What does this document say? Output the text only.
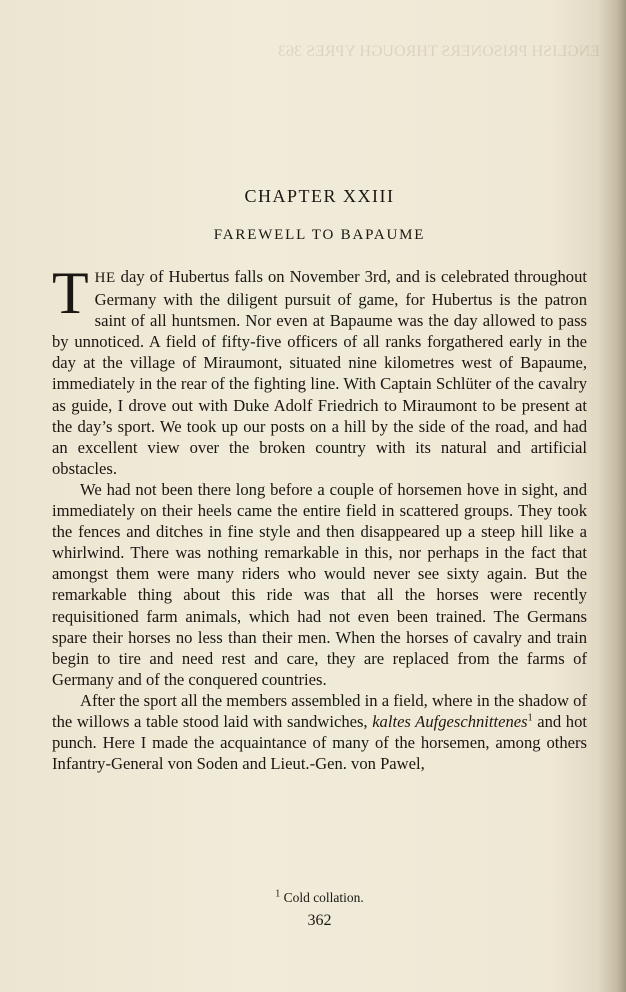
ENGLISH PRISONERS THROUGH YPRES 363

CHAPTER XXIII
FAREWELL TO BAPAUME

THE day of Hubertus falls on November 3rd, and is celebrated throughout Germany with the diligent pursuit of game, for Hubertus is the patron saint of all huntsmen. Nor even at Bapaume was the day allowed to pass by unnoticed. A field of fifty-five officers of all ranks forgathered early in the day at the village of Miraumont, situated nine kilometres west of Bapaume, immediately in the rear of the fighting line. With Captain Schlüter of the cavalry as guide, I drove out with Duke Adolf Friedrich to Miraumont to be present at the day’s sport. We took up our posts on a hill by the side of the road, and had an excellent view over the broken country with its natural and artificial obstacles.

We had not been there long before a couple of horsemen hove in sight, and immediately on their heels came the entire field in scattered groups. They took the fences and ditches in fine style and then disappeared up a steep hill like a whirlwind. There was nothing remarkable in this, nor perhaps in the fact that amongst them were many riders who would never see sixty again. But the remarkable thing about this ride was that all the horses were recently requisitioned farm animals, which had not even been trained. The Germans spare their horses no less than their men. When the horses of cavalry and train begin to tire and need rest and care, they are replaced from the farms of Germany and of the conquered countries.

After the sport all the members assembled in a field, where in the shadow of the willows a table stood laid with sandwiches, kaltes Aufgeschnittenes$^1$ and hot punch. Here I made the acquaintance of many of the horsemen, among others Infantry-General von Soden and Lieut.-Gen. von Pawel,

$^1$ Cold collation.
362
